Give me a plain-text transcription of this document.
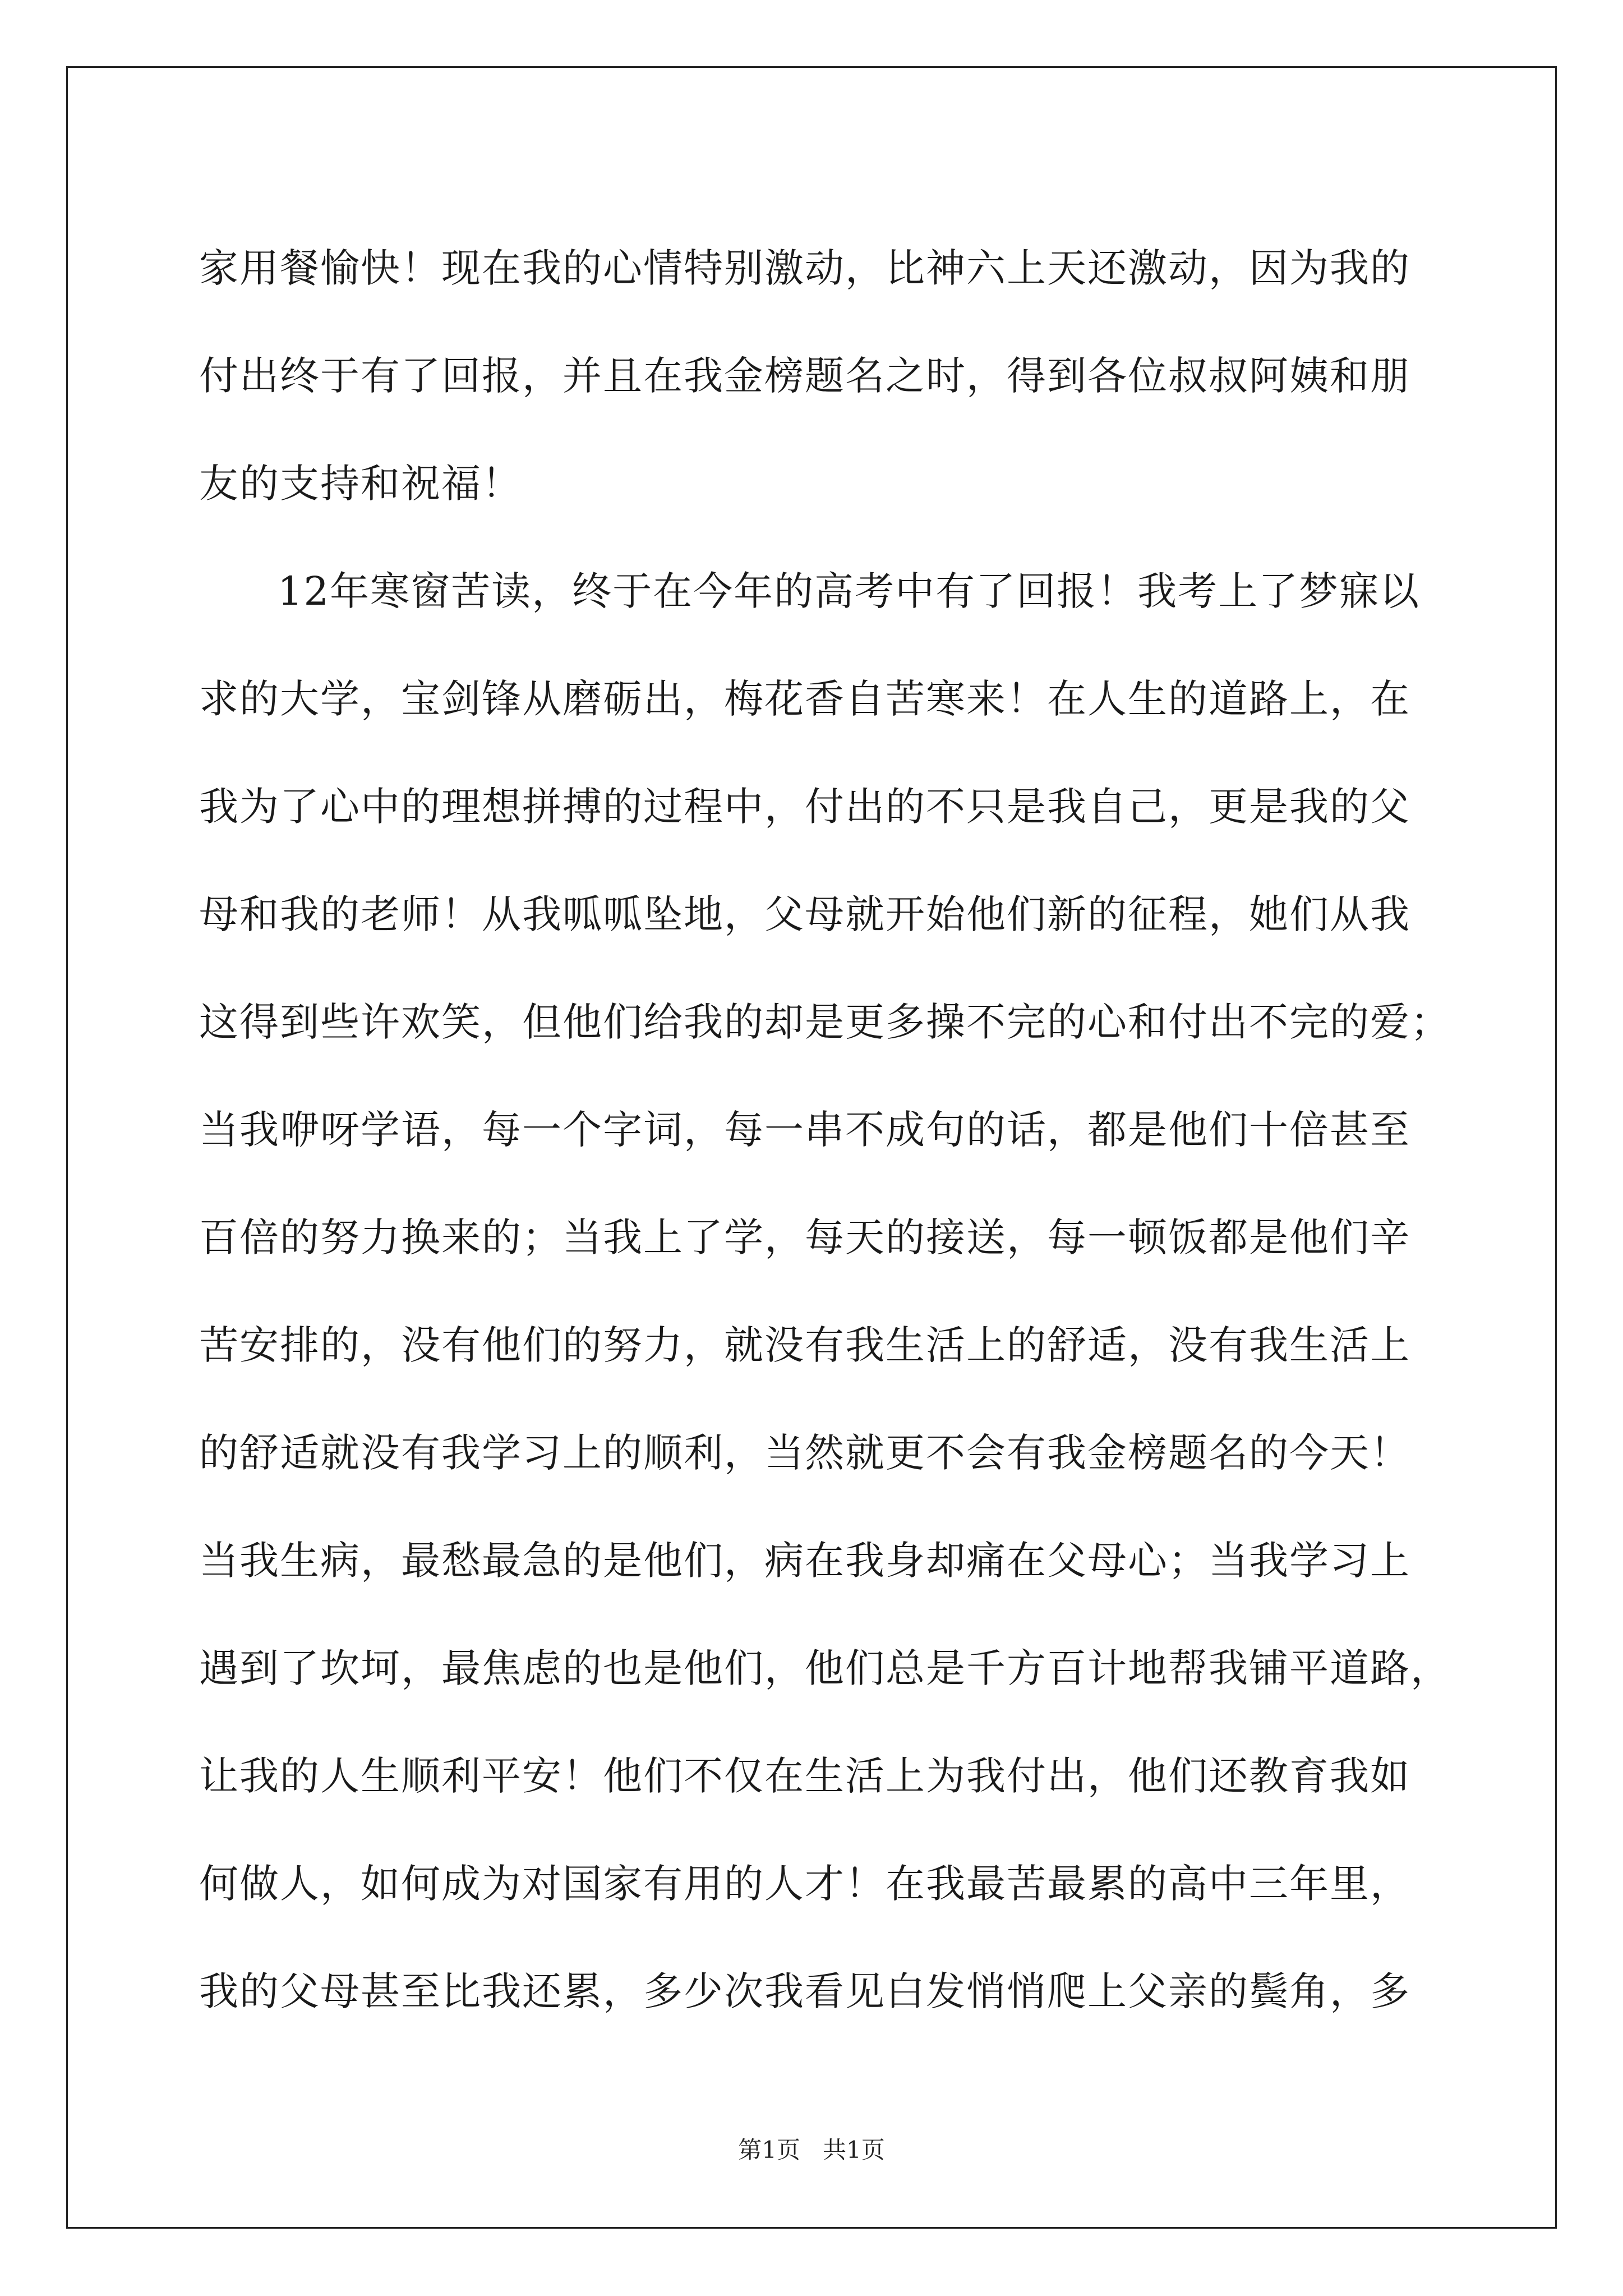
家用餐愉快！现在我的心情特别激动，比神六上天还激动，因为我的
付出终于有了回报，并且在我金榜题名之时，得到各位叔叔阿姨和朋
友的支持和祝福！
12年寒窗苦读，终于在今年的高考中有了回报！我考上了梦寐以
求的大学，宝剑锋从磨砺出，梅花香自苦寒来！在人生的道路上，在
我为了心中的理想拼搏的过程中，付出的不只是我自己，更是我的父
母和我的老师！从我呱呱坠地，父母就开始他们新的征程，她们从我
这得到些许欢笑，但他们给我的却是更多操不完的心和付出不完的爱；
当我咿呀学语，每一个字词，每一串不成句的话，都是他们十倍甚至
百倍的努力换来的；当我上了学，每天的接送，每一顿饭都是他们辛
苦安排的，没有他们的努力，就没有我生活上的舒适，没有我生活上
的舒适就没有我学习上的顺利，当然就更不会有我金榜题名的今天！
当我生病，最愁最急的是他们，病在我身却痛在父母心；当我学习上
遇到了坎坷，最焦虑的也是他们，他们总是千方百计地帮我铺平道路，
让我的人生顺利平安！他们不仅在生活上为我付出，他们还教育我如
何做人，如何成为对国家有用的人才！在我最苦最累的高中三年里，
我的父母甚至比我还累，多少次我看见白发悄悄爬上父亲的鬓角，多
第1页 共1页
